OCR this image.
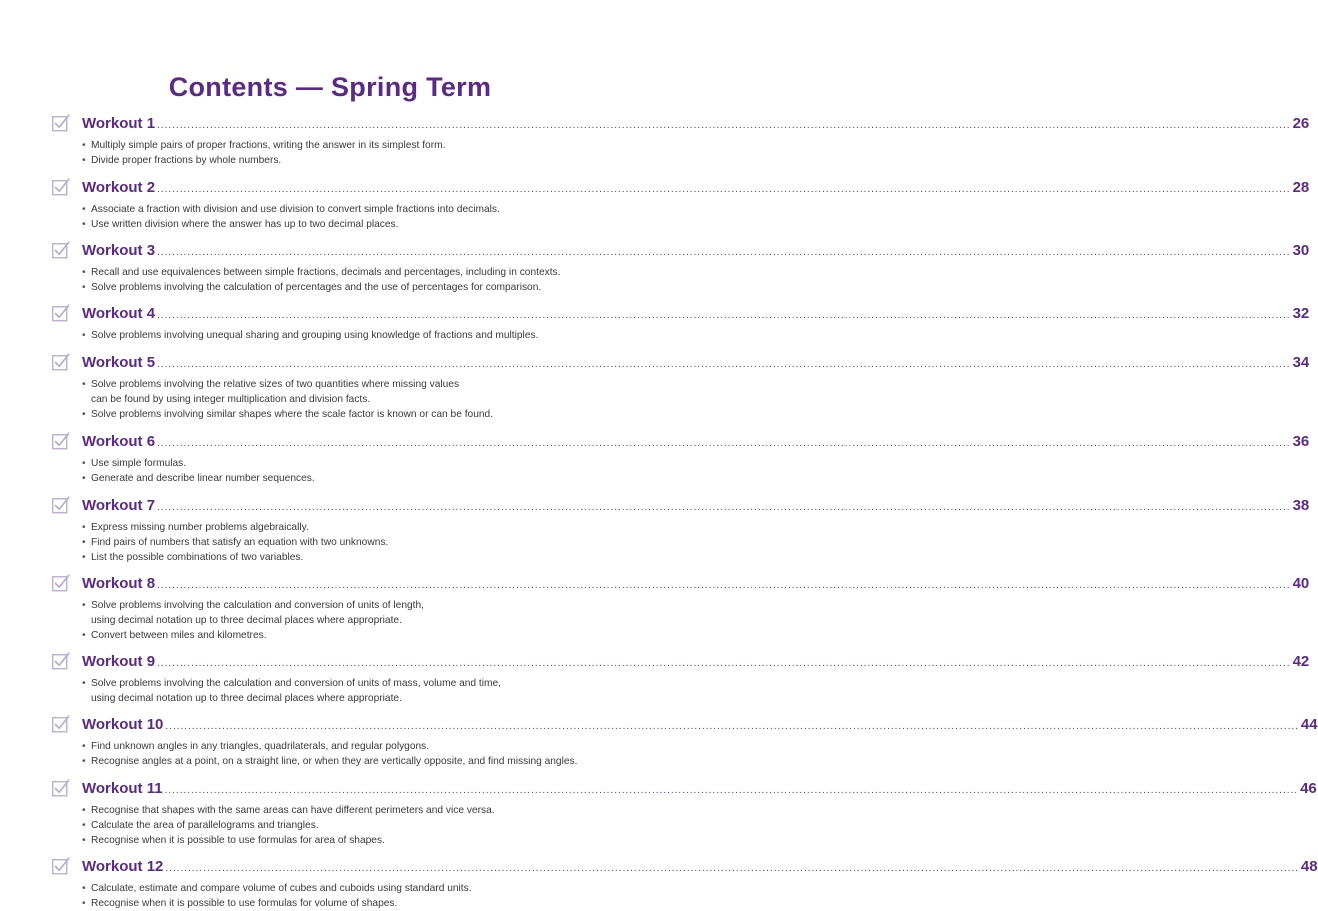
Contents — Spring Term
Workout 1 ............................................................................................................................................................................................................................................................................................................ 26
• Multiply simple pairs of proper fractions, writing the answer in its simplest form.
• Divide proper fractions by whole numbers.
Workout 2 ............................................................................................................................................................................................................................................................................................................ 28
• Associate a fraction with division and use division to convert simple fractions into decimals.
• Use written division where the answer has up to two decimal places.
Workout 3 ............................................................................................................................................................................................................................................................................................................ 30
• Recall and use equivalences between simple fractions, decimals and percentages, including in contexts.
• Solve problems involving the calculation of percentages and the use of percentages for comparison.
Workout 4 ............................................................................................................................................................................................................................................................................................................ 32
• Solve problems involving unequal sharing and grouping using knowledge of fractions and multiples.
Workout 5 ............................................................................................................................................................................................................................................................................................................ 34
• Solve problems involving the relative sizes of two quantities where missing values
can be found by using integer multiplication and division facts.
• Solve problems involving similar shapes where the scale factor is known or can be found.
Workout 6 ............................................................................................................................................................................................................................................................................................................ 36
• Use simple formulas.
• Generate and describe linear number sequences.
Workout 7 ............................................................................................................................................................................................................................................................................................................ 38
• Express missing number problems algebraically.
• Find pairs of numbers that satisfy an equation with two unknowns.
• List the possible combinations of two variables.
Workout 8 ............................................................................................................................................................................................................................................................................................................ 40
• Solve problems involving the calculation and conversion of units of length,
using decimal notation up to three decimal places where appropriate.
• Convert between miles and kilometres.
Workout 9 ............................................................................................................................................................................................................................................................................................................ 42
• Solve problems involving the calculation and conversion of units of mass, volume and time,
using decimal notation up to three decimal places where appropriate.
Workout 10 ............................................................................................................................................................................................................................................................................................................ 44
• Find unknown angles in any triangles, quadrilaterals, and regular polygons.
• Recognise angles at a point, on a straight line, or when they are vertically opposite, and find missing angles.
Workout 11 ............................................................................................................................................................................................................................................................................................................ 46
• Recognise that shapes with the same areas can have different perimeters and vice versa.
• Calculate the area of parallelograms and triangles.
• Recognise when it is possible to use formulas for area of shapes.
Workout 12 ............................................................................................................................................................................................................................................................................................................ 48
• Calculate, estimate and compare volume of cubes and cuboids using standard units.
• Recognise when it is possible to use formulas for volume of shapes.
